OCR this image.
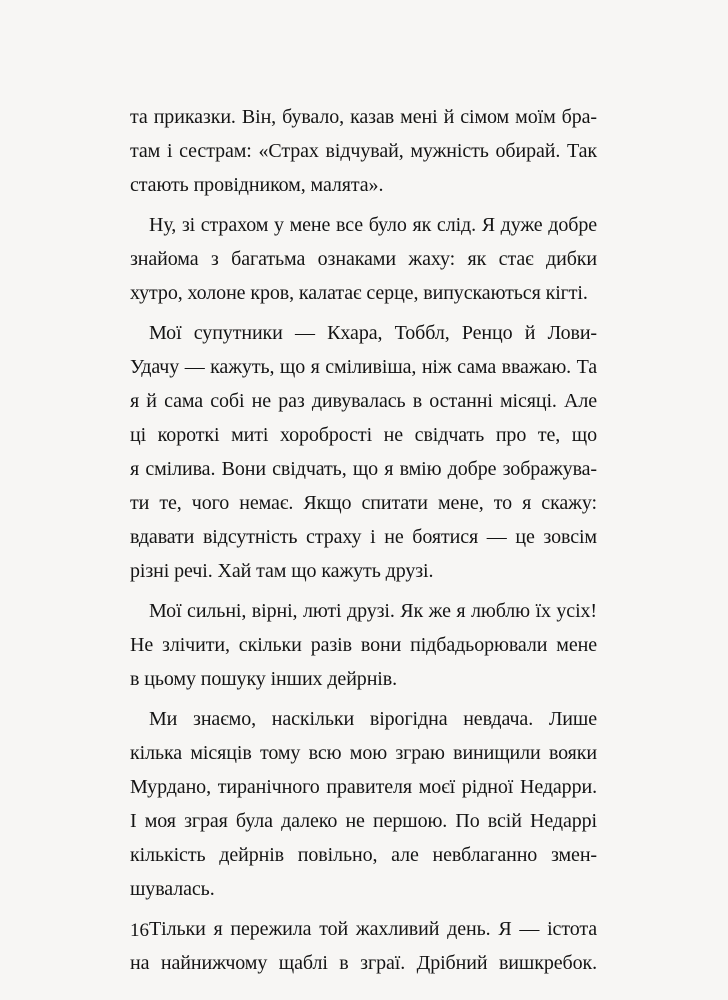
та приказки. Він, бувало, казав мені й сімом моїм бра-
там і сестрам: «Страх відчувай, мужність обирай. Так
стають провідником, малята».
Ну, зі страхом у мене все було як слід. Я дуже добре
знайома з багатьма ознаками жаху: як стає дибки
хутро, холоне кров, калатає серце, випускаються кігті.
Мої супутники — Кхара, Тоббл, Ренцо й Лови-
Удачу — кажуть, що я сміливіша, ніж сама вважаю. Та
я й сама собі не раз дивувалась в останні місяці. Але
ці короткі миті хоробрості не свідчать про те, що
я смілива. Вони свідчать, що я вмію добре зображува-
ти те, чого немає. Якщо спитати мене, то я скажу:
вдавати відсутність страху і не боятися — це зовсім
різні речі. Хай там що кажуть друзі.
Мої сильні, вірні, люті друзі. Як же я люблю їх усіх!
Не злічити, скільки разів вони підбадьорювали мене
в цьому пошуку інших дейрнів.
Ми знаємо, наскільки вірогідна невдача. Лише
кілька місяців тому всю мою зграю винищили вояки
Мурдано, тиранічного правителя моєї рідної Недарри.
І моя зграя була далеко не першою. По всій Недаррі
кількість дейрнів повільно, але невблаганно змен-
шувалась.
Тільки я пережила той жахливий день. Я — істота
на найнижчому щаблі в зграї. Дрібний вишкребок.
16
